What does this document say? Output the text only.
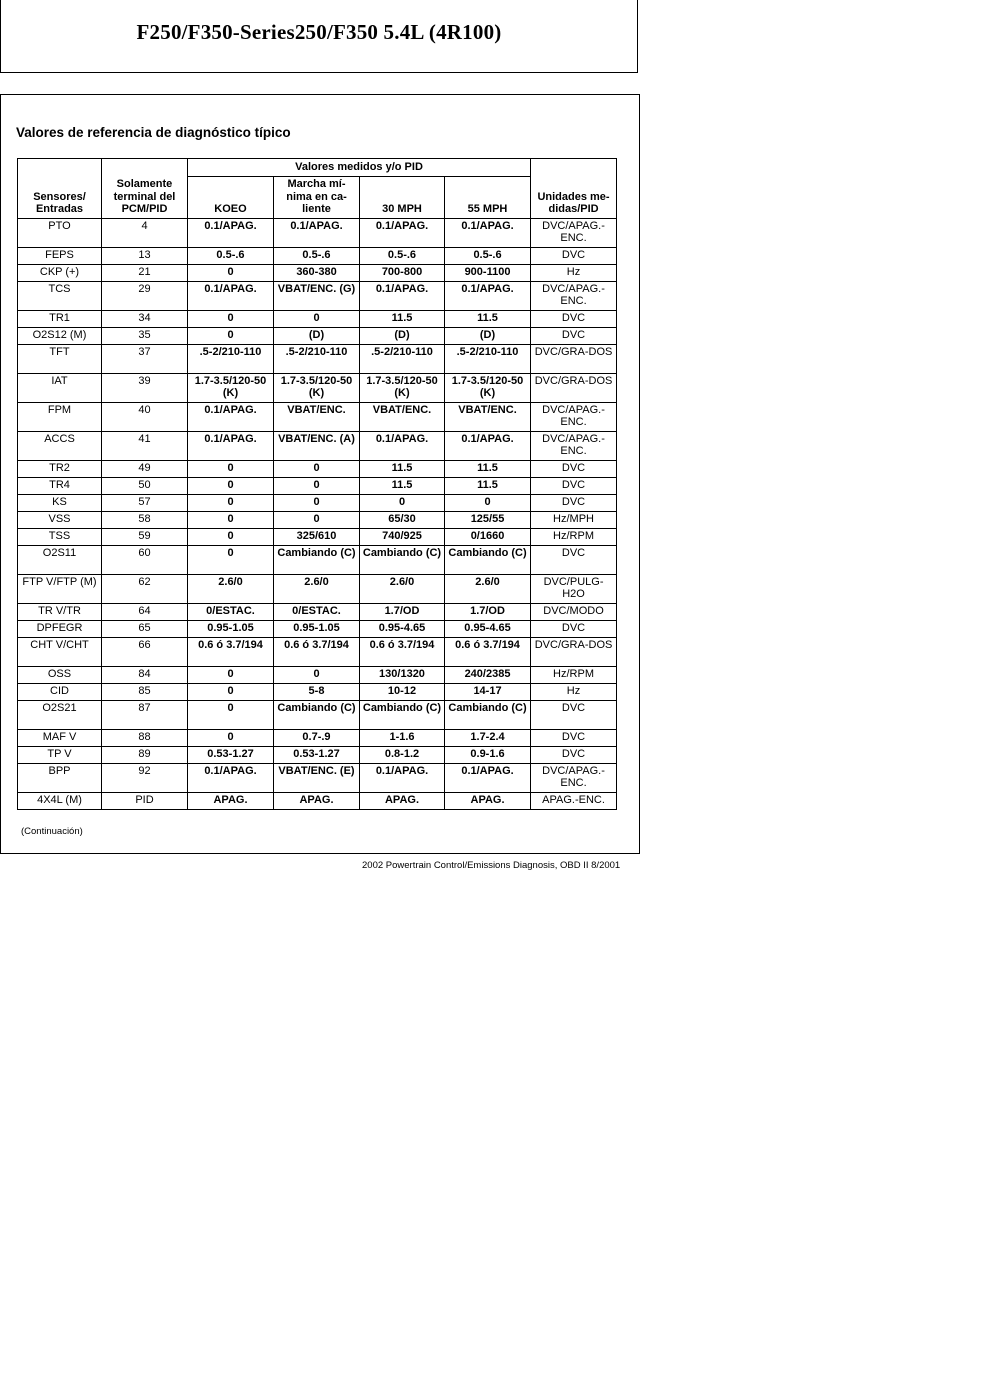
F250/F350-Series250/F350 5.4L (4R100)
Valores de referencia de diagnóstico típico
Sensores/ Entradas	Solamente terminal del PCM/PID	Valores medidos y/o PID				Unidades me-didas/PID
		KOEO	Marcha mí-nima en ca-liente	30 MPH	55 MPH	
PTO	4	0.1/APAG.	0.1/APAG.	0.1/APAG.	0.1/APAG.	DVC/APAG.-ENC.
FEPS	13	0.5-.6	0.5-.6	0.5-.6	0.5-.6	DVC
CKP (+)	21	0	360-380	700-800	900-1100	Hz
TCS	29	0.1/APAG.	VBAT/ENC. (G)	0.1/APAG.	0.1/APAG.	DVC/APAG.-ENC.
TR1	34	0	0	11.5	11.5	DVC
O2S12 (M)	35	0	(D)	(D)	(D)	DVC
TFT	37	.5-2/210-110	.5-2/210-110	.5-2/210-110	.5-2/210-110	DVC/GRA-DOS
IAT	39	1.7-3.5/120-50 (K)	1.7-3.5/120-50 (K)	1.7-3.5/120-50 (K)	1.7-3.5/120-50 (K)	DVC/GRA-DOS
FPM	40	0.1/APAG.	VBAT/ENC.	VBAT/ENC.	VBAT/ENC.	DVC/APAG.-ENC.
ACCS	41	0.1/APAG.	VBAT/ENC. (A)	0.1/APAG.	0.1/APAG.	DVC/APAG.-ENC.
TR2	49	0	0	11.5	11.5	DVC
TR4	50	0	0	11.5	11.5	DVC
KS	57	0	0	0	0	DVC
VSS	58	0	0	65/30	125/55	Hz/MPH
TSS	59	0	325/610	740/925	0/1660	Hz/RPM
O2S11	60	0	Cambiando (C)	Cambiando (C)	Cambiando (C)	DVC
FTP V/FTP (M)	62	2.6/0	2.6/0	2.6/0	2.6/0	DVC/PULG-H2O
TR V/TR	64	0/ESTAC.	0/ESTAC.	1.7/OD	1.7/OD	DVC/MODO
DPFEGR	65	0.95-1.05	0.95-1.05	0.95-4.65	0.95-4.65	DVC
CHT V/CHT	66	0.6 ó 3.7/194	0.6 ó 3.7/194	0.6 ó 3.7/194	0.6 ó 3.7/194	DVC/GRA-DOS
OSS	84	0	0	130/1320	240/2385	Hz/RPM
CID	85	0	5-8	10-12	14-17	Hz
O2S21	87	0	Cambiando (C)	Cambiando (C)	Cambiando (C)	DVC
MAF V	88	0	0.7-.9	1-1.6	1.7-2.4	DVC
TP V	89	0.53-1.27	0.53-1.27	0.8-1.2	0.9-1.6	DVC
BPP	92	0.1/APAG.	VBAT/ENC. (E)	0.1/APAG.	0.1/APAG.	DVC/APAG.-ENC.
4X4L (M)	PID	APAG.	APAG.	APAG.	APAG.	APAG.-ENC.
(Continuación)
2002 Powertrain Control/Emissions Diagnosis, OBD II 8/2001
